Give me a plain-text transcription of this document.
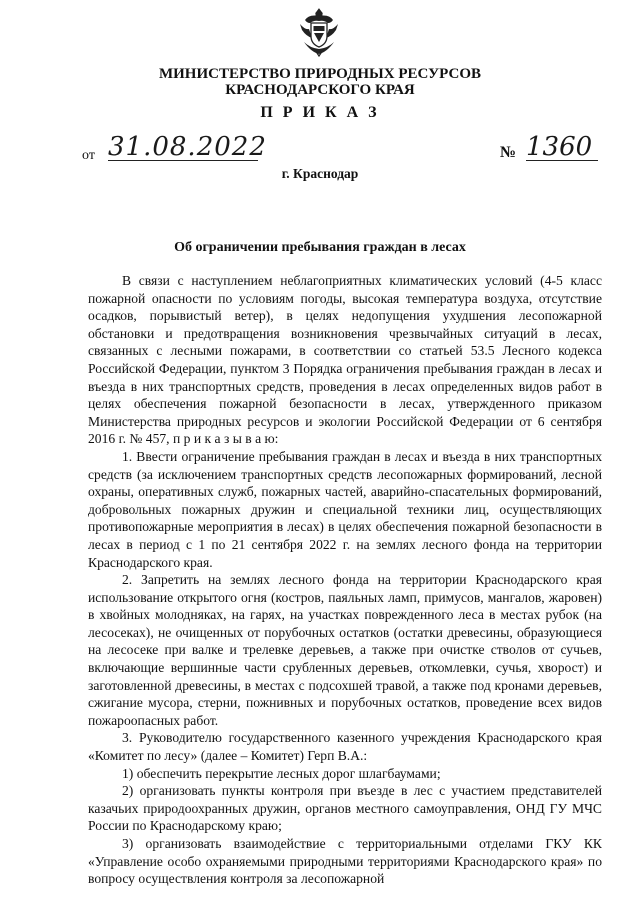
МИНИСТЕРСТВО ПРИРОДНЫХ РЕСУРСОВ
КРАСНОДАРСКОГО КРАЯ
П Р И К А З
от 31.08.2022	№ 1360
г. Краснодар
Об ограничении пребывания граждан в лесах

В связи с наступлением неблагоприятных климатических условий (4-5 класс пожарной опасности по условиям погоды, высокая температура воздуха, отсутствие осадков, порывистый ветер), в целях недопущения ухудшения лесопожарной обстановки и предотвращения возникновения чрезвычайных ситуаций в лесах, связанных с лесными пожарами, в соответствии со статьей 53.5 Лесного кодекса Российской Федерации, пунктом 3 Порядка ограничения пребывания граждан в лесах и въезда в них транспортных средств, проведения в лесах определенных видов работ в целях обеспечения пожарной безопасности в лесах, утвержденного приказом Министерства природных ресурсов и экологии Российской Федерации от 6 сентября 2016 г. № 457, п р и к а з ы в а ю:

1. Ввести ограничение пребывания граждан в лесах и въезда в них транспортных средств (за исключением транспортных средств лесопожарных формирований, лесной охраны, оперативных служб, пожарных частей, аварийно-спасательных формирований, добровольных пожарных дружин и специальной техники лиц, осуществляющих противопожарные мероприятия в лесах) в целях обеспечения пожарной безопасности в лесах в период с 1 по 21 сентября 2022 г. на землях лесного фонда на территории Краснодарского края.

2. Запретить на землях лесного фонда на территории Краснодарского края использование открытого огня (костров, паяльных ламп, примусов, мангалов, жаровен) в хвойных молодняках, на гарях, на участках поврежденного леса в местах рубок (на лесосеках), не очищенных от порубочных остатков (остатки древесины, образующиеся на лесосеке при валке и трелевке деревьев, а также при очистке стволов от сучьев, включающие вершинные части срубленных деревьев, откомлевки, сучья, хворост) и заготовленной древесины, в местах с подсохшей травой, а также под кронами деревьев, сжигание мусора, стерни, пожнивных и порубочных остатков, проведение всех видов пожароопасных работ.

3. Руководителю государственного казенного учреждения Краснодарского края «Комитет по лесу» (далее – Комитет) Герп В.А.:

1) обеспечить перекрытие лесных дорог шлагбаумами;

2) организовать пункты контроля при въезде в лес с участием представителей казачьих природоохранных дружин, органов местного самоуправления, ОНД ГУ МЧС России по Краснодарскому краю;

3) организовать взаимодействие с территориальными отделами ГКУ КК «Управление особо охраняемыми природными территориями Краснодарского края» по вопросу осуществления контроля за лесопожарной
